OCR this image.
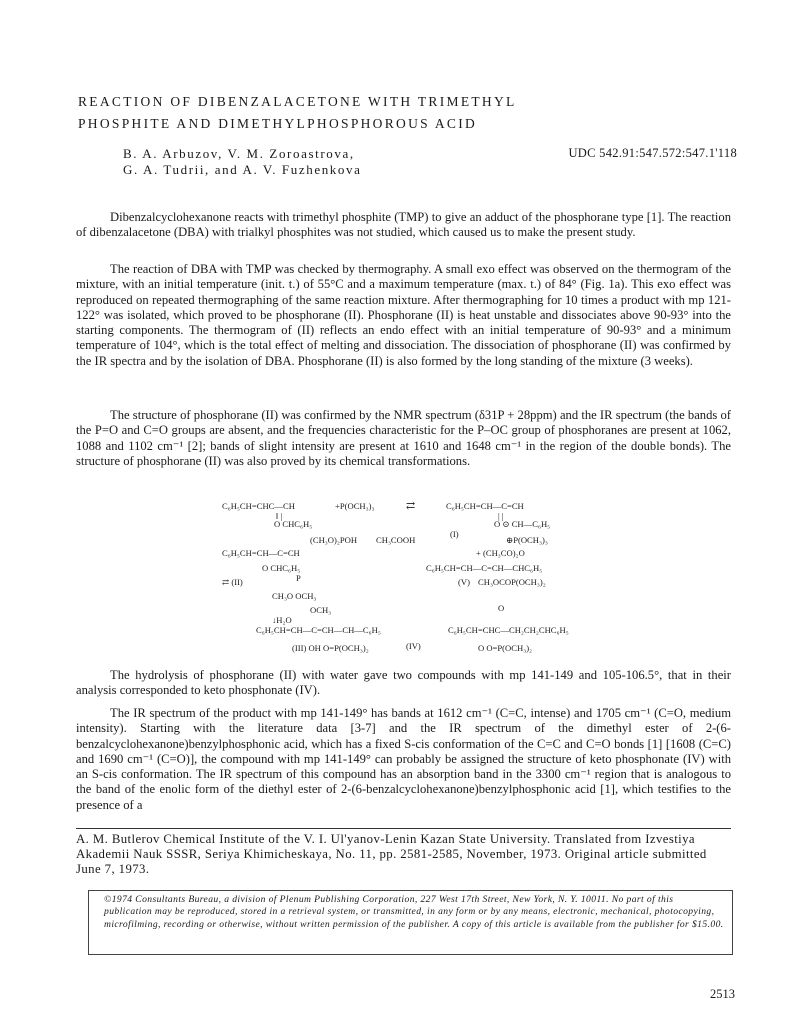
REACTION OF DIBENZALACETONE WITH TRIMETHYL
PHOSPHITE AND DIMETHYLPHOSPHOROUS ACID
B. A. Arbuzov, V. M. Zoroastrova,
G. A. Tudrii, and A. V. Fuzhenkova
UDC 542.91:547.572:547.1'118

Dibenzalcyclohexanone reacts with trimethyl phosphite (TMP) to give an adduct of the phosphorane type [1]. The reaction of dibenzalacetone (DBA) with trialkyl phosphites was not studied, which caused us to make the present study.

The reaction of DBA with TMP was checked by thermography. A small exo effect was observed on the thermogram of the mixture, with an initial temperature (init. t.) of 55°C and a maximum temperature (max. t.) of 84° (Fig. 1a). This exo effect was reproduced on repeated thermographing of the same reaction mixture. After thermographing for 10 times a product with mp 121-122° was isolated, which proved to be phosphorane (II). Phosphorane (II) is heat unstable and dissociates above 90-93° into the starting components. The thermogram of (II) reflects an endo effect with an initial temperature of 90-93° and a minimum temperature of 104°, which is the total effect of melting and dissociation. The dissociation of phosphorane (II) was confirmed by the IR spectra and by the isolation of DBA. Phosphorane (II) is also formed by the long standing of the mixture (3 weeks).

The structure of phosphorane (II) was confirmed by the NMR spectrum (δ31P + 28ppm) and the IR spectrum (the bands of the P=O and C=O groups are absent, and the frequencies characteristic for the P–OC group of phosphoranes are present at 1062, 1088 and 1102 cm⁻¹ [2]; bands of slight intensity are present at 1610 and 1648 cm⁻¹ in the region of the double bonds). The structure of phosphorane (II) was also proved by its chemical transformations.

C₆H₅CH=CHC—CH	+P(OCH₃)₃	⇄	C₆H₅CH=CH—C=CH
‖ |	| |
O CHC₆H₅
(I)
O ⊙ CH—C₆H₅
(CH₃O)₂POH CH₃COOH	⊕P(OCH₃)₃
C₆H₅CH=CH—C=CH	+ (CH₃CO)₂O
O CHC₆H₅	C₆H₅CH=CH—C=CH—CHC₆H₅
⇄ (II)	P	(V) CH₃OCOP(OCH₃)₂
CH₃O OCH₃
O
OCH₃
↓H₂O
C₆H₅CH=CH—C=CH—CH—C₆H₅	C₆H₅CH=CHC—CH₂CH₂CHC₆H₅
(III) OH O=P(OCH₃)₂	(IV)	O O=P(OCH₃)₂

The hydrolysis of phosphorane (II) with water gave two compounds with mp 141-149 and 105-106.5°, that in their analysis corresponded to keto phosphonate (IV).

The IR spectrum of the product with mp 141-149° has bands at 1612 cm⁻¹ (C=C, intense) and 1705 cm⁻¹ (C=O, medium intensity). Starting with the literature data [3-7] and the IR spectrum of the dimethyl ester of 2-(6-benzalcyclohexanone)benzylphosphonic acid, which has a fixed S-cis conformation of the C=C and C=O bonds [1] [1608 (C=C) and 1690 cm⁻¹ (C=O)], the compound with mp 141-149° can probably be assigned the structure of keto phosphonate (IV) with an S-cis conformation. The IR spectrum of this compound has an absorption band in the 3300 cm⁻¹ region that is analogous to the band of the enolic form of the diethyl ester of 2-(6-benzalcyclohexanone)benzylphosphonic acid [1], which testifies to the presence of a

A. M. Butlerov Chemical Institute of the V. I. Ul'yanov-Lenin Kazan State University. Translated from Izvestiya Akademii Nauk SSSR, Seriya Khimicheskaya, No. 11, pp. 2581-2585, November, 1973. Original article submitted June 7, 1973.
©1974 Consultants Bureau, a division of Plenum Publishing Corporation, 227 West 17th Street, New York, N. Y. 10011. No part of this publication may be reproduced, stored in a retrieval system, or transmitted, in any form or by any means, electronic, mechanical, photocopying, microfilming, recording or otherwise, without written permission of the publisher. A copy of this article is available from the publisher for $15.00.
2513
